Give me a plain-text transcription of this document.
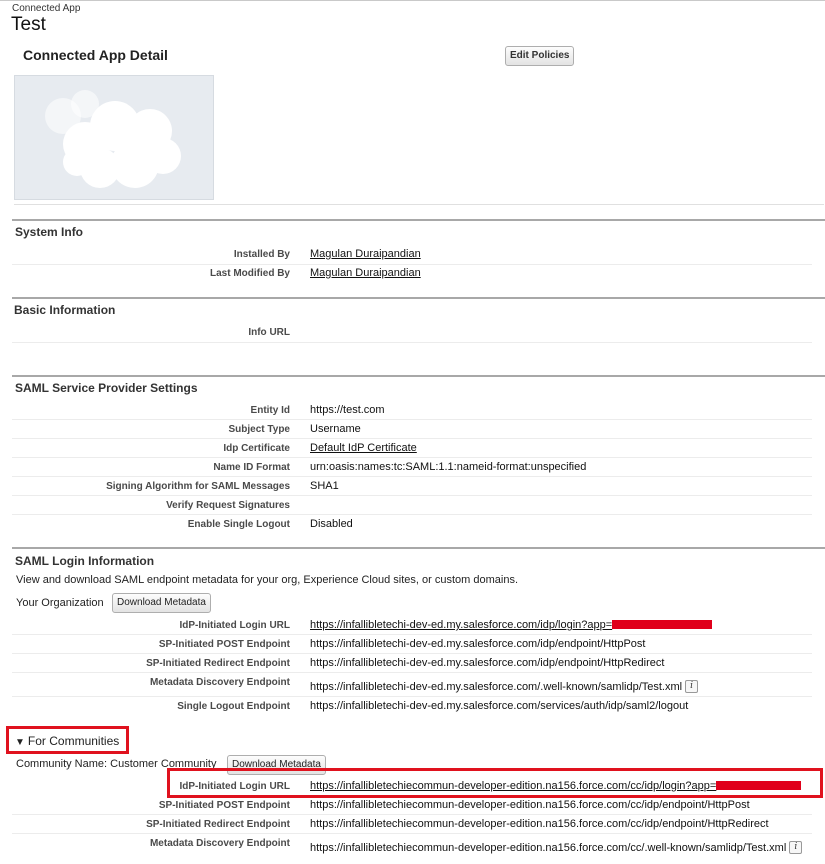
Connected App
Test
Connected App Detail	Edit Policies
System Info
Installed By Magulan Duraipandian
Last Modified By Magulan Duraipandian
Basic Information
Info URL
SAML Service Provider Settings
Entity Id https://test.com
Subject Type Username
Idp Certificate Default IdP Certificate
Name ID Format urn:oasis:names:tc:SAML:1.1:nameid-format:unspecified
Signing Algorithm for SAML Messages SHA1
Verify Request Signatures
Enable Single Logout Disabled
SAML Login Information
View and download SAML endpoint metadata for your org, Experience Cloud sites, or custom domains.
Your Organization	Download Metadata
IdP-Initiated Login URL https://infallibletechi-dev-ed.my.salesforce.com/idp/login?app=
SP-Initiated POST Endpoint https://infallibletechi-dev-ed.my.salesforce.com/idp/endpoint/HttpPost
SP-Initiated Redirect Endpoint https://infallibletechi-dev-ed.my.salesforce.com/idp/endpoint/HttpRedirect
Metadata Discovery Endpoint https://infallibletechi-dev-ed.my.salesforce.com/.well-known/samlidp/Test.xml i
Single Logout Endpoint https://infallibletechi-dev-ed.my.salesforce.com/services/auth/idp/saml2/logout
▼ For Communities
Community Name: Customer Community	Download Metadata
IdP-Initiated Login URL https://infallibletechiecommun-developer-edition.na156.force.com/cc/idp/login?app=
SP-Initiated POST Endpoint https://infallibletechiecommun-developer-edition.na156.force.com/cc/idp/endpoint/HttpPost
SP-Initiated Redirect Endpoint https://infallibletechiecommun-developer-edition.na156.force.com/cc/idp/endpoint/HttpRedirect
Metadata Discovery Endpoint https://infallibletechiecommun-developer-edition.na156.force.com/cc/.well-known/samlidp/Test.xml i
